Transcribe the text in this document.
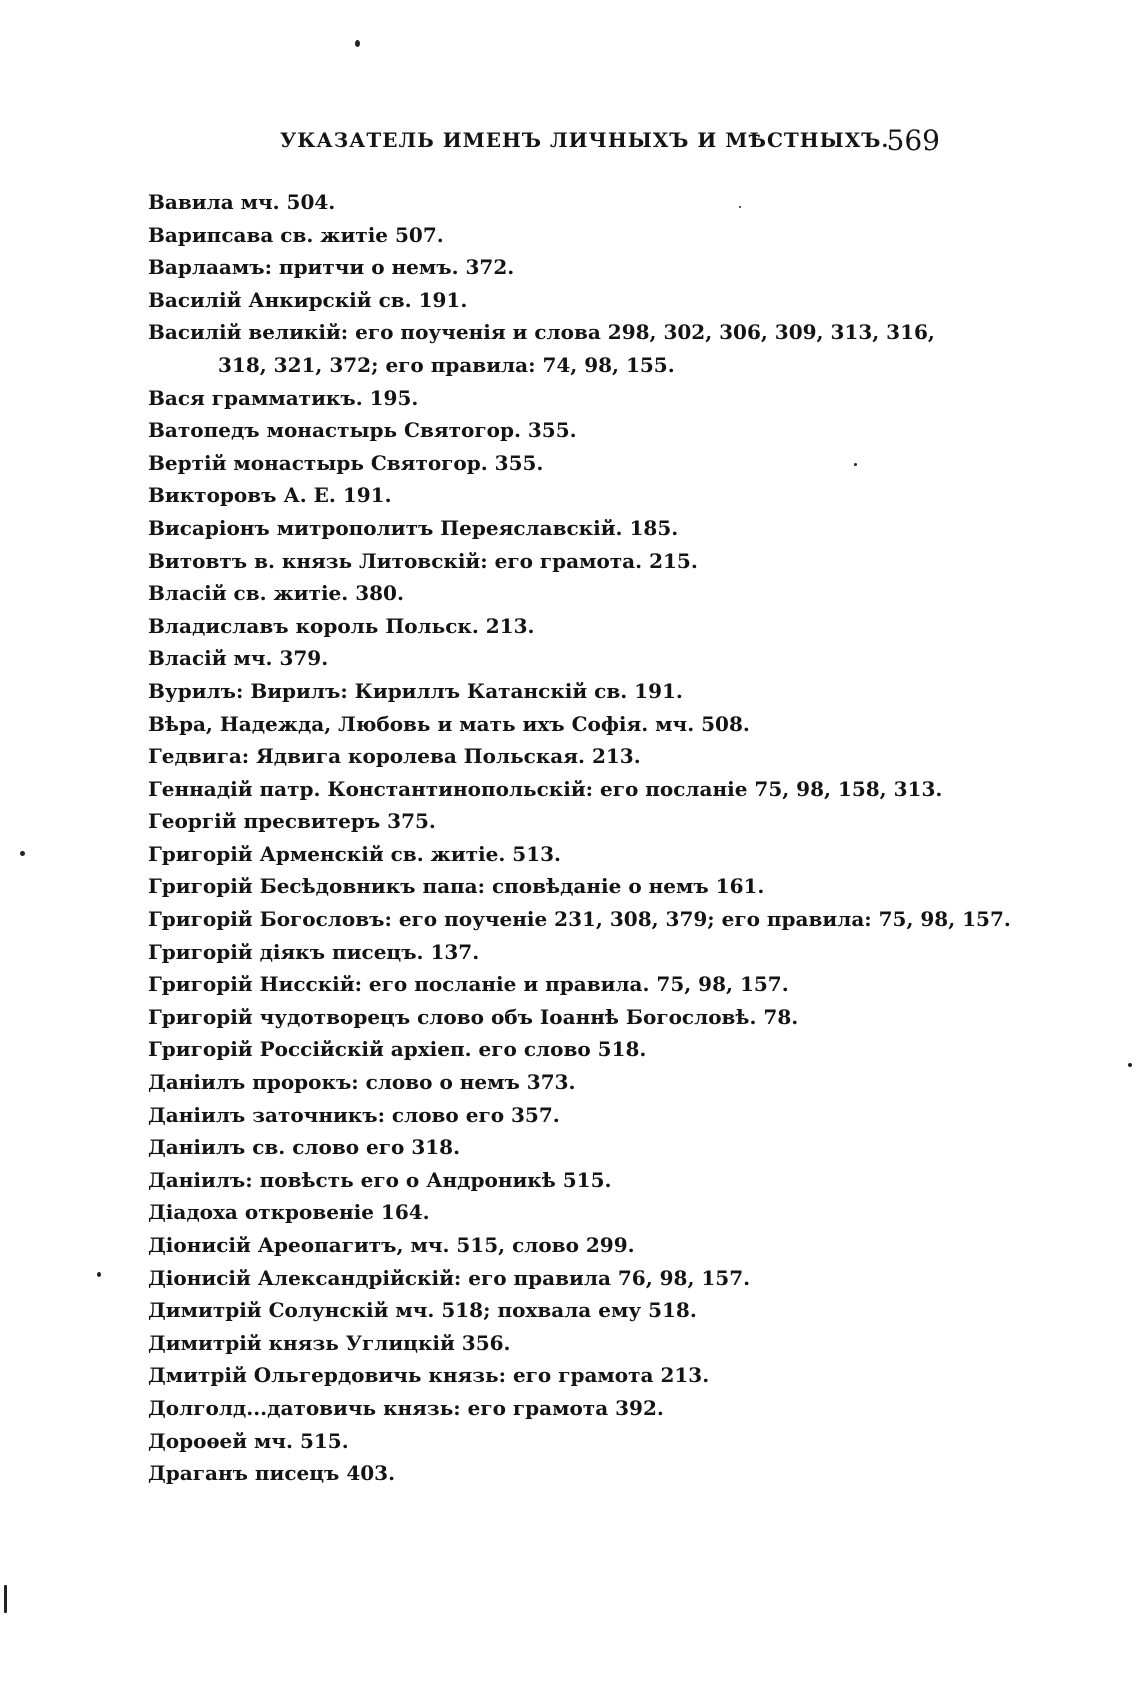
УКАЗАТЕЛЬ ИМЕНЪ ЛИЧНЫХЪ И МѢСТНЫХЪ.
569
Вавила мч. 504.
Варипсава св. житіе 507.
Варлаамъ: притчи о немъ. 372.
Василій Анкирскій св. 191.
Василій великій: его поученія и слова 298, 302, 306, 309, 313, 316,
318, 321, 372; его правила: 74, 98, 155.
Вася грамматикъ. 195.
Ватопедъ монастырь Святогор. 355.
Вертій монастырь Святогор. 355.
Викторовъ А. Е. 191.
Висаріонъ митрополитъ Переяславскій. 185.
Витовтъ в. князь Литовскій: его грамота. 215.
Власій св. житіе. 380.
Владиславъ король Польск. 213.
Власій мч. 379.
Вурилъ: Вирилъ: Кириллъ Катанскій св. 191.
Вѣра, Надежда, Любовь и мать ихъ Софія. мч. 508.
Гедвига: Ядвига королева Польская. 213.
Геннадій патр. Константинопольскій: его посланіе 75, 98, 158, 313.
Георгій пресвитеръ 375.
Григорій Арменскій св. житіе. 513.
Григорій Бесѣдовникъ папа: сповѣданіе о немъ 161.
Григорій Богословъ: его поученіе 231, 308, 379; его правила: 75, 98, 157.
Григорій діякъ писецъ. 137.
Григорій Нисскій: его посланіе и правила. 75, 98, 157.
Григорій чудотворецъ слово объ Іоаннѣ Богословѣ. 78.
Григорій Россійскій архіеп. его слово 518.
Даніилъ пророкъ: слово о немъ 373.
Даніилъ заточникъ: слово его 357.
Даніилъ св. слово его 318.
Даніилъ: повѣсть его о Андроникѣ 515.
Діадоха откровеніе 164.
Діонисій Ареопагитъ, мч. 515, слово 299.
Діонисій Александрійскій: его правила 76, 98, 157.
Димитрій Солунскій мч. 518; похвала ему 518.
Димитрій князь Углицкій 356.
Дмитрій Ольгердовичь князь: его грамота 213.
Долголд...датовичь князь: его грамота 392.
Дороѳей мч. 515.
Драганъ писецъ 403.
